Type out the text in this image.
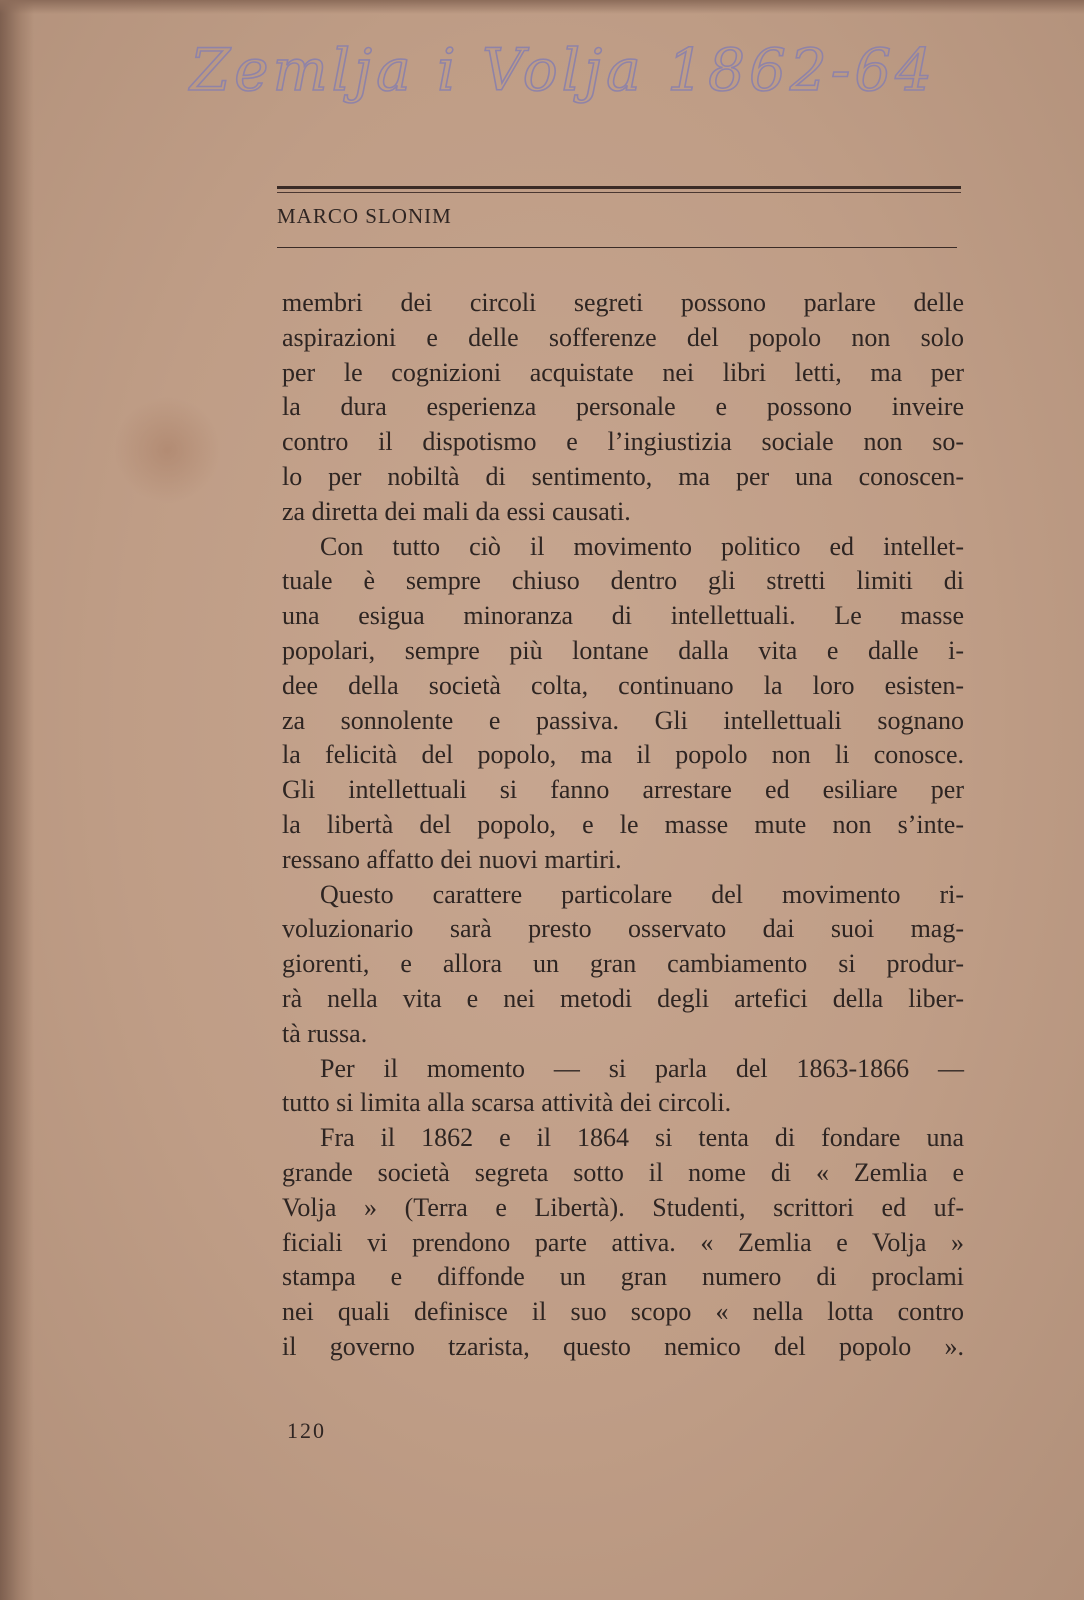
Zemlja i Volja 1862-64
MARCO SLONIM
membri dei circoli segreti possono parlare delle
aspirazioni e delle sofferenze del popolo non solo
per le cognizioni acquistate nei libri letti, ma per
la dura esperienza personale e possono inveire
contro il dispotismo e l’ingiustizia sociale non so-
lo per nobiltà di sentimento, ma per una conoscen-
za diretta dei mali da essi causati.
Con tutto ciò il movimento politico ed intellet-
tuale è sempre chiuso dentro gli stretti limiti di
una esigua minoranza di intellettuali. Le masse
popolari, sempre più lontane dalla vita e dalle i-
dee della società colta, continuano la loro esisten-
za sonnolente e passiva. Gli intellettuali sognano
la felicità del popolo, ma il popolo non li conosce.
Gli intellettuali si fanno arrestare ed esiliare per
la libertà del popolo, e le masse mute non s’inte-
ressano affatto dei nuovi martiri.
Questo carattere particolare del movimento ri-
voluzionario sarà presto osservato dai suoi mag-
giorenti, e allora un gran cambiamento si produr-
rà nella vita e nei metodi degli artefici della liber-
tà russa.
Per il momento — si parla del 1863-1866 —
tutto si limita alla scarsa attività dei circoli.
Fra il 1862 e il 1864 si tenta di fondare una
grande società segreta sotto il nome di « Zemlia e
Volja » (Terra e Libertà). Studenti, scrittori ed uf-
ficiali vi prendono parte attiva. « Zemlia e Volja »
stampa e diffonde un gran numero di proclami
nei quali definisce il suo scopo « nella lotta contro
il governo tzarista, questo nemico del popolo ».
120
